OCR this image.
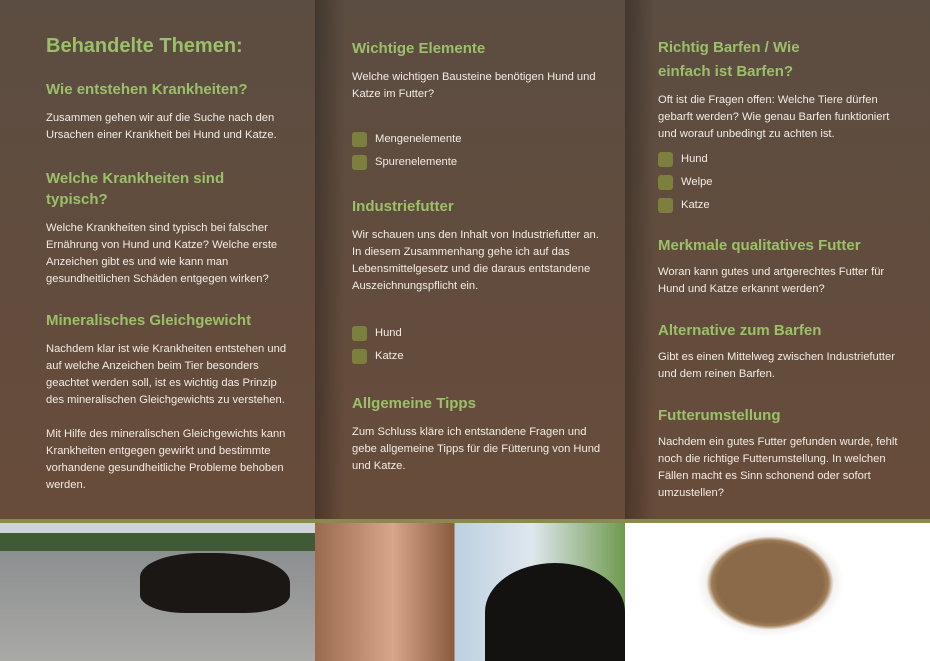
Behandelte Themen:
Wie entstehen Krankheiten?

Zusammen gehen wir auf die Suche nach den Ursachen einer Krankheit bei Hund und Katze.

Welche Krankheiten sind typisch?

Welche Krankheiten sind typisch bei falscher Ernährung von Hund und Katze? Welche erste Anzeichen gibt es und wie kann man gesundheitlichen Schäden entgegen wirken?

Mineralisches Gleichgewicht

Nachdem klar ist wie Krankheiten entstehen und auf welche Anzeichen beim Tier besonders geachtet werden soll, ist es wichtig das Prinzip des mineralischen Gleichgewichts zu verstehen.

Mit Hilfe des mineralischen Gleichgewichts kann Krankheiten entgegen gewirkt und bestimmte vorhandene gesundheitliche Probleme behoben werden.

Wichtige Elemente

Welche wichtigen Bausteine benötigen Hund und Katze im Futter?

Mengenelemente
Spurenelemente
Industriefutter

Wir schauen uns den Inhalt von Industriefutter an. In diesem Zusammenhang gehe ich auf das Lebensmittelgesetz und die daraus entstandene Auszeichnungspflicht ein.

Hund
Katze
Allgemeine Tipps

Zum Schluss kläre ich entstandene Fragen und gebe allgemeine Tipps für die Fütterung von Hund und Katze.

Richtig Barfen / Wie einfach ist Barfen?

Oft ist die Fragen offen: Welche Tiere dürfen gebarft werden? Wie genau Barfen funktioniert und worauf unbedingt zu achten ist.

Hund
Welpe
Katze
Merkmale qualitatives Futter

Woran kann gutes und artgerechtes Futter für Hund und Katze erkannt werden?

Alternative zum Barfen

Gibt es einen Mittelweg zwischen Industriefutter und dem reinen Barfen.

Futterumstellung

Nachdem ein gutes Futter gefunden wurde, fehlt noch die richtige Futterumstellung. In welchen Fällen macht es Sinn schonend oder sofort umzustellen?
